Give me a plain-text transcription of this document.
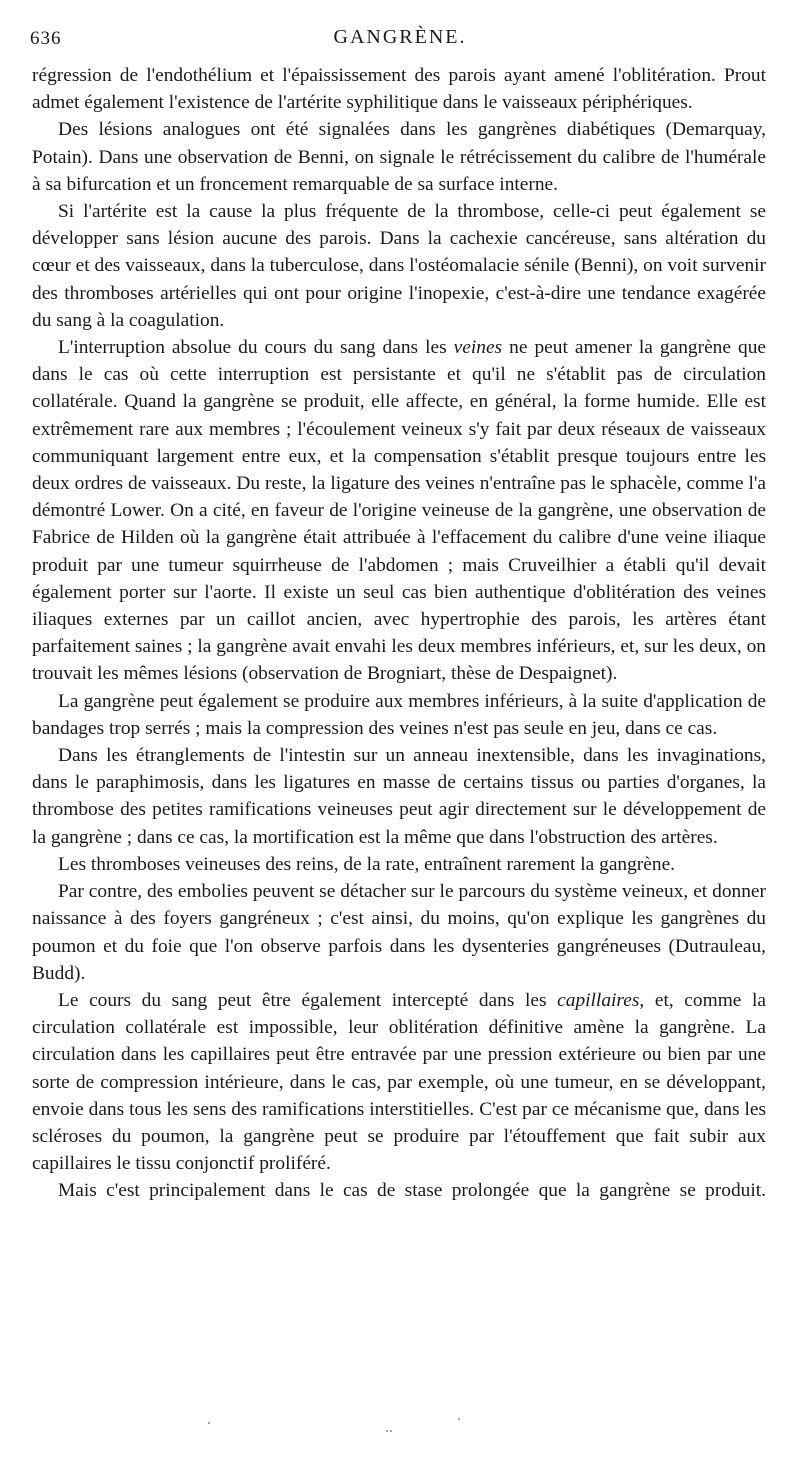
636	GANGRÈNE.

régression de l'endothélium et l'épaississement des parois ayant amené l'oblitération. Prout admet également l'existence de l'artérite syphilitique dans le vaisseaux périphériques.

Des lésions analogues ont été signalées dans les gangrènes diabétiques (Demarquay, Potain). Dans une observation de Benni, on signale le rétrécissement du calibre de l'humérale à sa bifurcation et un froncement remarquable de sa surface interne.

Si l'artérite est la cause la plus fréquente de la thrombose, celle-ci peut également se développer sans lésion aucune des parois. Dans la cachexie cancéreuse, sans altération du cœur et des vaisseaux, dans la tuberculose, dans l'ostéomalacie sénile (Benni), on voit survenir des thromboses artérielles qui ont pour origine l'inopexie, c'est-à-dire une tendance exagérée du sang à la coagulation.

L'interruption absolue du cours du sang dans les veines ne peut amener la gangrène que dans le cas où cette interruption est persistante et qu'il ne s'établit pas de circulation collatérale. Quand la gangrène se produit, elle affecte, en général, la forme humide. Elle est extrêmement rare aux membres ; l'écoulement veineux s'y fait par deux réseaux de vaisseaux communiquant largement entre eux, et la compensation s'établit presque toujours entre les deux ordres de vaisseaux. Du reste, la ligature des veines n'entraîne pas le sphacèle, comme l'a démontré Lower. On a cité, en faveur de l'origine veineuse de la gangrène, une observation de Fabrice de Hilden où la gangrène était attribuée à l'effacement du calibre d'une veine iliaque produit par une tumeur squirrheuse de l'abdomen ; mais Cruveilhier a établi qu'il devait également porter sur l'aorte. Il existe un seul cas bien authentique d'oblitération des veines iliaques externes par un caillot ancien, avec hypertrophie des parois, les artères étant parfaitement saines ; la gangrène avait envahi les deux membres inférieurs, et, sur les deux, on trouvait les mêmes lésions (observation de Brogniart, thèse de Despaignet).

La gangrène peut également se produire aux membres inférieurs, à la suite d'application de bandages trop serrés ; mais la compression des veines n'est pas seule en jeu, dans ce cas.

Dans les étranglements de l'intestin sur un anneau inextensible, dans les invaginations, dans le paraphimosis, dans les ligatures en masse de certains tissus ou parties d'organes, la thrombose des petites ramifications veineuses peut agir directement sur le développement de la gangrène ; dans ce cas, la mortification est la même que dans l'obstruction des artères.

Les thromboses veineuses des reins, de la rate, entraînent rarement la gangrène.

Par contre, des embolies peuvent se détacher sur le parcours du système veineux, et donner naissance à des foyers gangréneux ; c'est ainsi, du moins, qu'on explique les gangrènes du poumon et du foie que l'on observe parfois dans les dysenteries gangréneuses (Dutrauleau, Budd).

Le cours du sang peut être également intercepté dans les capillaires, et, comme la circulation collatérale est impossible, leur oblitération définitive amène la gangrène. La circulation dans les capillaires peut être entravée par une pression extérieure ou bien par une sorte de compression intérieure, dans le cas, par exemple, où une tumeur, en se développant, envoie dans tous les sens des ramifications interstitielles. C'est par ce mécanisme que, dans les scléroses du poumon, la gangrène peut se produire par l'étouffement que fait subir aux capillaires le tissu conjonctif proliféré.

Mais c'est principalement dans le cas de stase prolongée que la gangrène se produit.
